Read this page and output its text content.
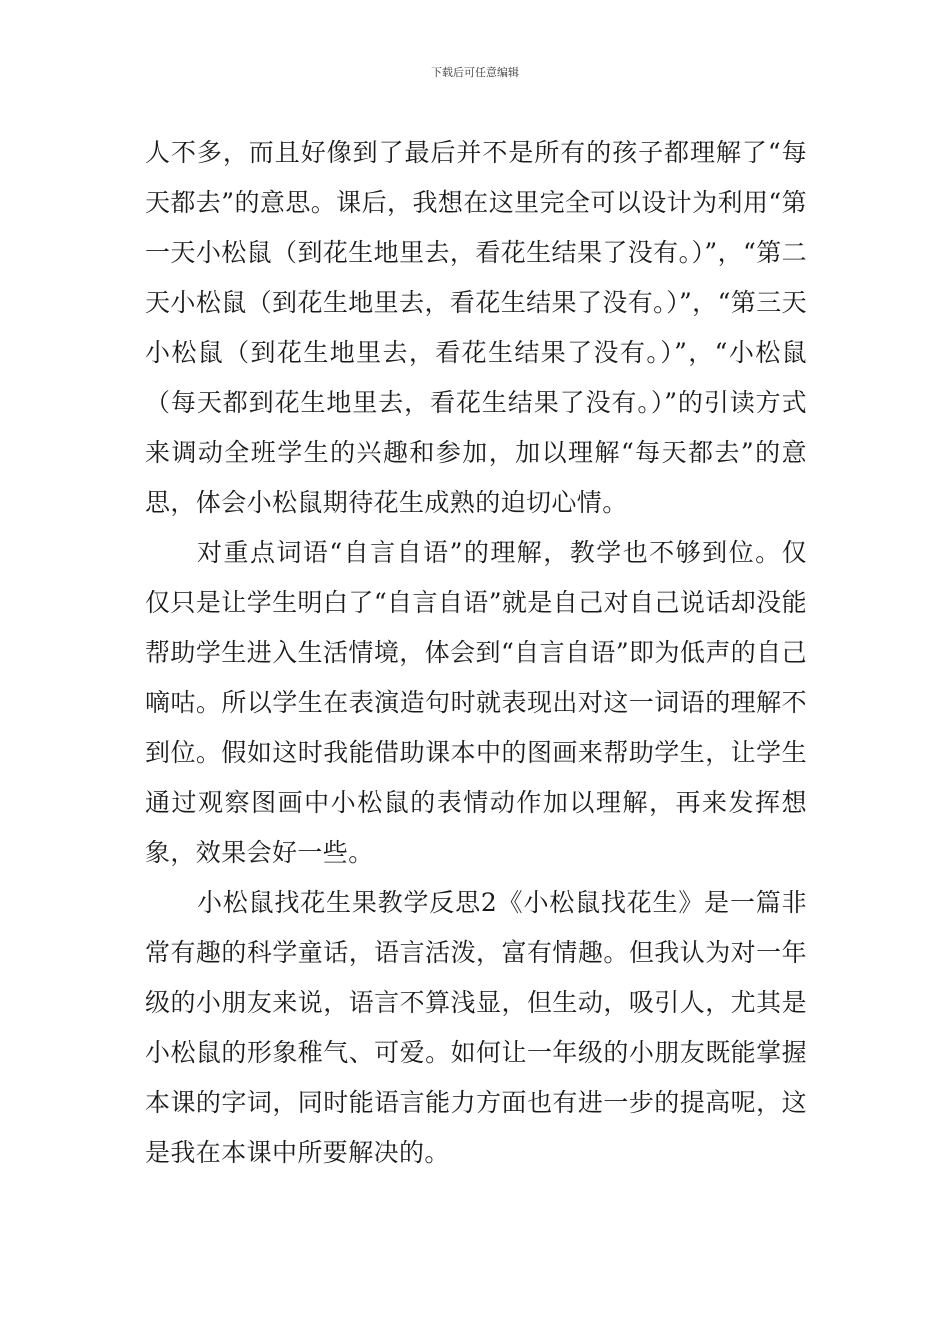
下载后可任意编辑

人不多，而且好像到了最后并不是所有的孩子都理解了“每天都去”的意思。课后，我想在这里完全可以设计为利用“第一天小松鼠（到花生地里去，看花生结果了没有。）”，“第二天小松鼠（到花生地里去，看花生结果了没有。）”，“第三天小松鼠（到花生地里去，看花生结果了没有。）”，“小松鼠（每天都到花生地里去，看花生结果了没有。）”的引读方式来调动全班学生的兴趣和参加，加以理解“每天都去”的意思，体会小松鼠期待花生成熟的迫切心情。

对重点词语“自言自语”的理解，教学也不够到位。仅仅只是让学生明白了“自言自语”就是自己对自己说话却没能帮助学生进入生活情境，体会到“自言自语”即为低声的自己嘀咕。所以学生在表演造句时就表现出对这一词语的理解不到位。假如这时我能借助课本中的图画来帮助学生，让学生通过观察图画中小松鼠的表情动作加以理解，再来发挥想象，效果会好一些。

小松鼠找花生果教学反思2《小松鼠找花生》是一篇非常有趣的科学童话，语言活泼，富有情趣。但我认为对一年级的小朋友来说，语言不算浅显，但生动，吸引人，尤其是小松鼠的形象稚气、可爱。如何让一年级的小朋友既能掌握本课的字词，同时能语言能力方面也有进一步的提高呢，这是我在本课中所要解决的。
